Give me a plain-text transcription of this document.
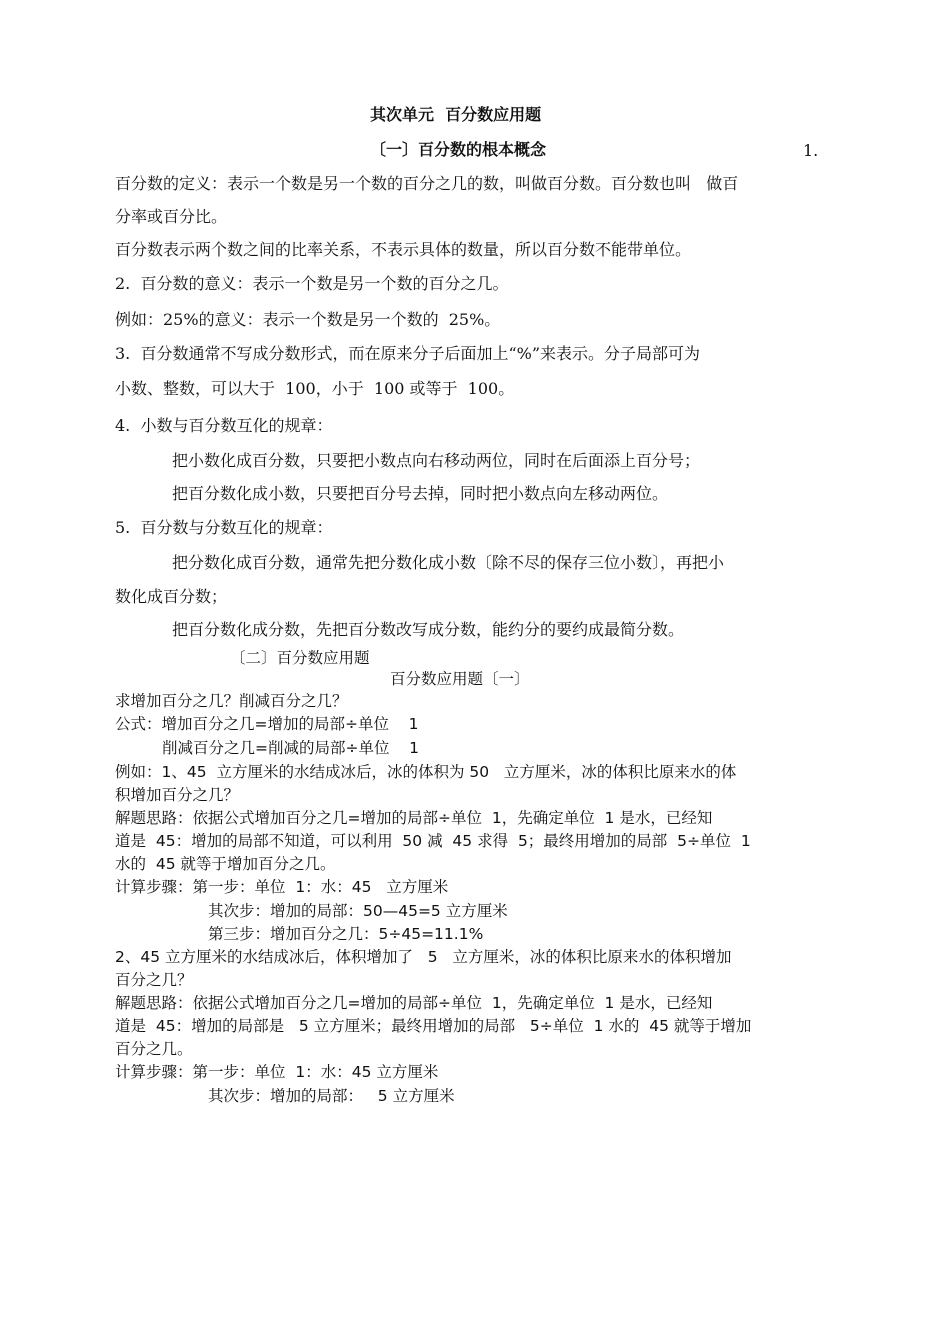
其次单元  百分数应用题
〔一〕百分数的根本概念	1.
百分数的定义：表示一个数是另一个数的百分之几的数，叫做百分数。百分数也叫   做百
分率或百分比。
百分数表示两个数之间的比率关系，不表示具体的数量，所以百分数不能带单位。
2.  百分数的意义：表示一个数是另一个数的百分之几。
例如：25%的意义：表示一个数是另一个数的  25%。
3.  百分数通常不写成分数形式，而在原来分子后面加上“%”来表示。分子局部可为
小数、整数，可以大于  100，小于  100 或等于  100。
4.  小数与百分数互化的规章：
把小数化成百分数，只要把小数点向右移动两位，同时在后面添上百分号；
把百分数化成小数，只要把百分号去掉，同时把小数点向左移动两位。
5.  百分数与分数互化的规章：
把分数化成百分数，通常先把分数化成小数〔除不尽的保存三位小数〕，再把小
数化成百分数；
把百分数化成分数，先把百分数改写成分数，能约分的要约成最简分数。
〔二〕百分数应用题
百分数应用题〔一〕
求增加百分之几？削减百分之几？
公式：增加百分之几=增加的局部÷单位    1
削减百分之几=削减的局部÷单位    1
例如：1、45  立方厘米的水结成冰后，冰的体积为 50   立方厘米，冰的体积比原来水的体
积增加百分之几？
解题思路：依据公式增加百分之几=增加的局部÷单位  1，先确定单位  1 是水，已经知
道是  45：增加的局部不知道，可以利用  50 减  45 求得  5；最终用增加的局部  5÷单位  1
水的  45 就等于增加百分之几。
计算步骤：第一步：单位  1：水：45   立方厘米
其次步：增加的局部：50—45=5 立方厘米
第三步：增加百分之几：5÷45=11.1%
2、45 立方厘米的水结成冰后，体积增加了   5   立方厘米，冰的体积比原来水的体积增加
百分之几？
解题思路：依据公式增加百分之几=增加的局部÷单位  1，先确定单位  1 是水，已经知
道是  45：增加的局部是   5 立方厘米；最终用增加的局部   5÷单位  1 水的  45 就等于增加
百分之几。
计算步骤：第一步：单位  1：水：45 立方厘米
其次步：增加的局部：   5 立方厘米
